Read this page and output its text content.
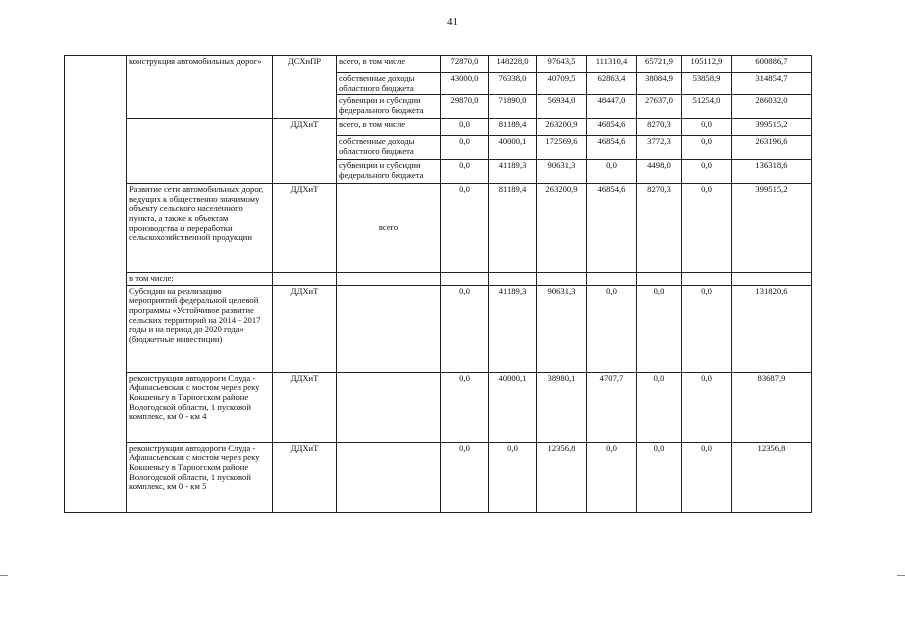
41
	конструкция автомобильных дорог»	ДСХиПР	всего, в том числе	72870,0	148228,0	97643,5	111310,4	65721,9	105112,9	600886,7
			собственные доходы областного бюджета	43000,0	76338,0	40709,5	62863,4	38084,9	53858,9	314854,7
			субвенции и субсидии федерального бюджета	29870,0	71890,0	56934,0	48447,0	27637,0	51254,0	286032,0
		ДДХиТ	всего, в том числе	0,0	81189,4	263200,9	46854,6	8270,3	0,0	399515,2
			собственные доходы областного бюджета	0,0	40000,1	172569,6	46854,6	3772,3	0,0	263196,6
			субвенции и субсидии федерального бюджета	0,0	41189,3	90631,3	0,0	4498,0	0,0	136318,6
	Развитие сети автомобильных дорог, ведущих к общественно значимому объекту сельского населенного пункта, а также к объектам производства и переработки сельскохозяйственной продукции	ДДХиТ	всего	0,0	81189,4	263200,9	46854,6	8270,3	0,0	399515,2
	в том числе:									
	Субсидии на реализацию мероприятий федеральной целевой программы «Устойчивое развитие сельских территорий на 2014 - 2017 годы и на период до 2020 года» (бюджетные инвестиции)	ДДХиТ		0,0	41189,3	90631,3	0,0	0,0	0,0	131820,6
	реконструкция автодороги Слуда - Афанасьевская с мостом через реку Кокшеньгу в Тарногском районе Вологодской области, 1 пусковой комплекс, км 0 - км 4	ДДХиТ		0,0	40000,1	38980,1	4707,7	0,0	0,0	83687,9
	реконструкция автодороги Слуда - Афанасьевская с мостом через реку Кокшеньгу в Тарногском районе Вологодской области, 1 пусковой комплекс, км 0 - км 5	ДДХиТ		0,0	0,0	12356,8	0,0	0,0	0,0	12356,8
